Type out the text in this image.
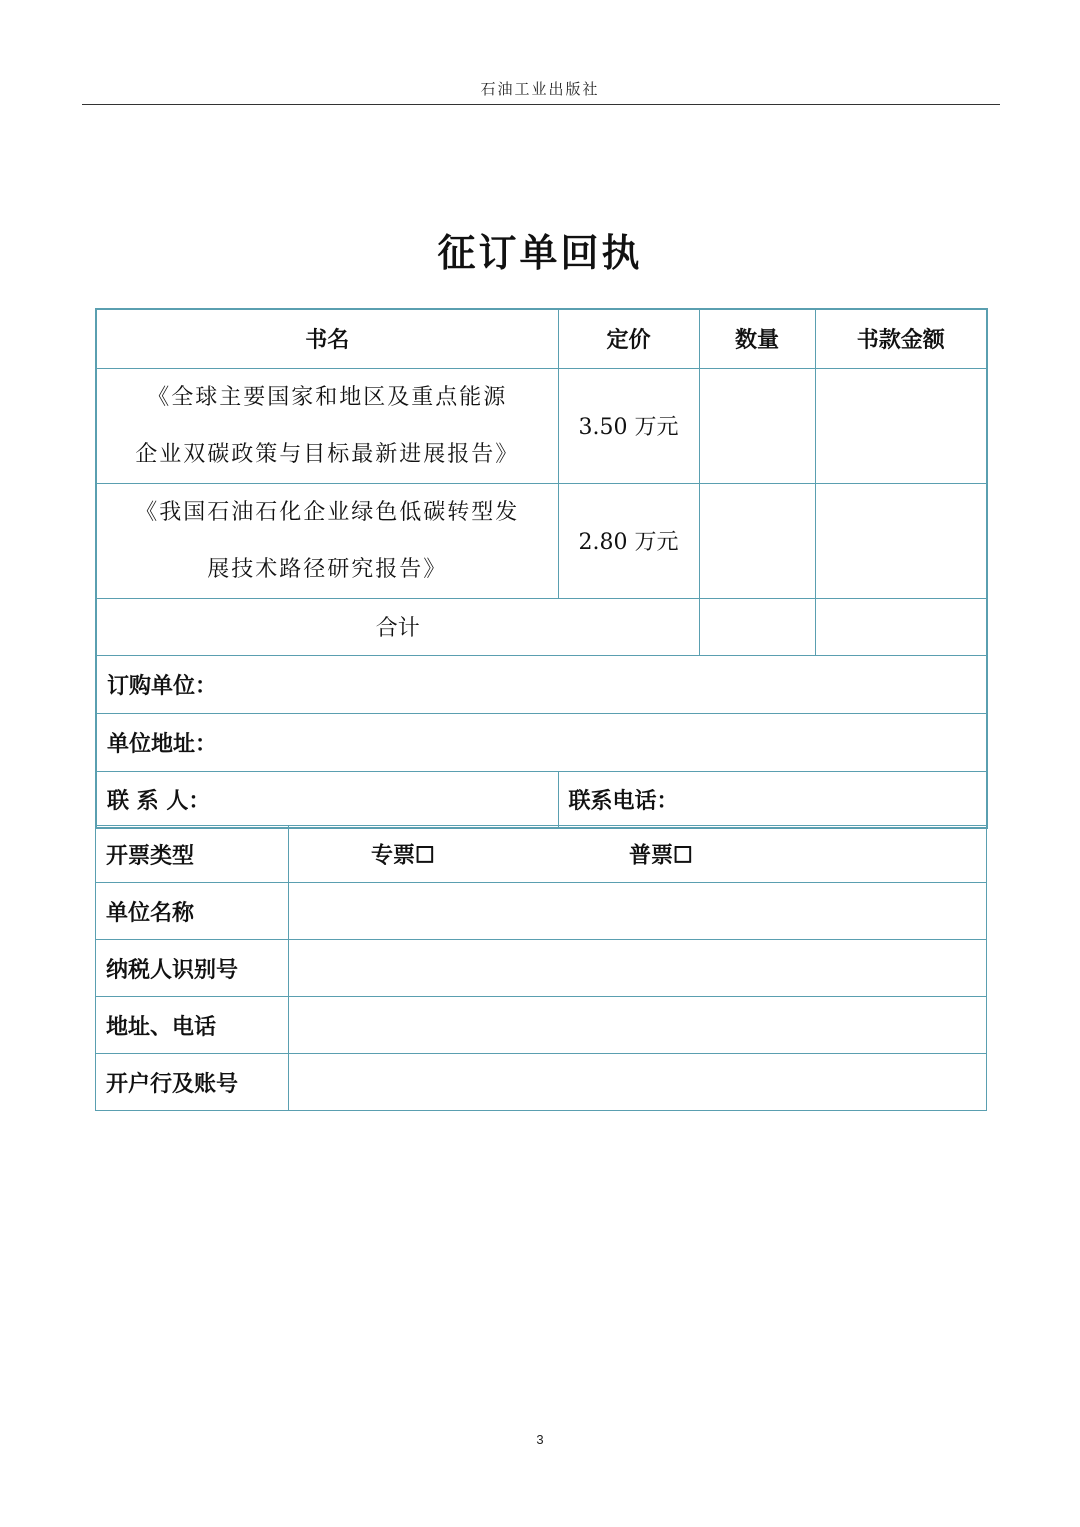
石油工业出版社
征订单回执
书名	定价	数量	书款金额

《全球主要国家和地区及重点能源
企业双碳政策与目标最新进展报告》	3.50 万元		

《我国石油石化企业绿色低碳转型发
展技术路径研究报告》	2.80 万元		
合计			
订购单位：			
单位地址：			
联 系 人：	联系电话：		
开票类型	专票☐ 普票☐

单位名称	
纳税人识别号	
地址、电话	
开户行及账号	
3
